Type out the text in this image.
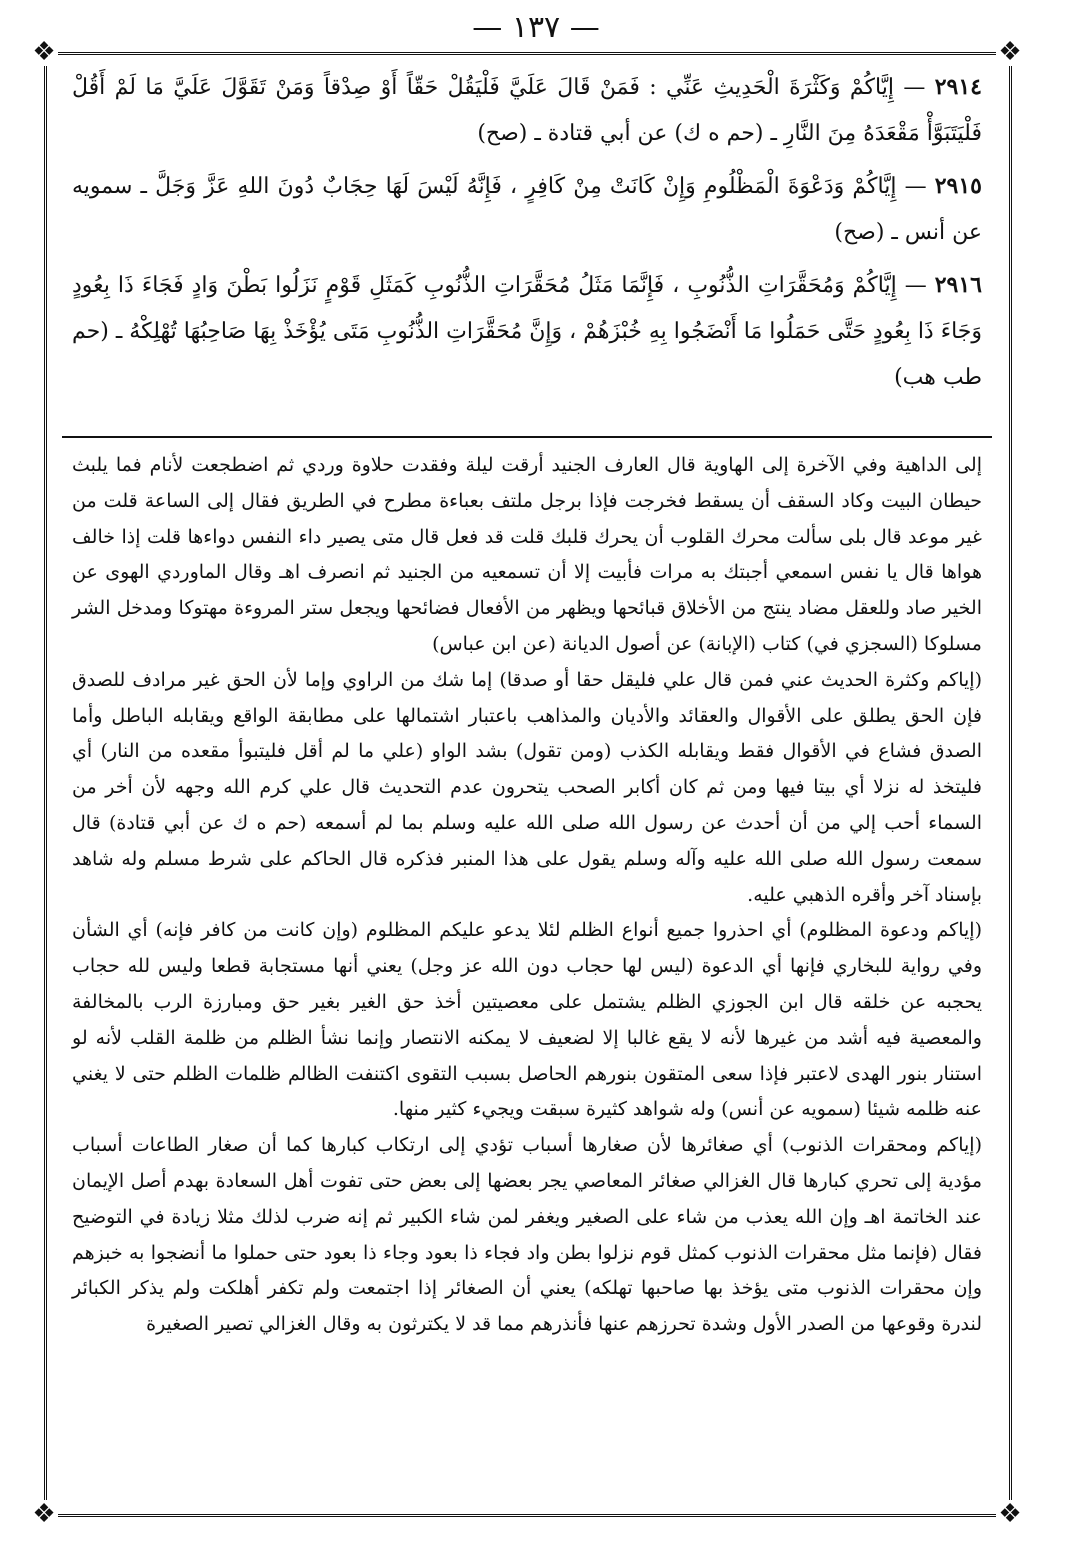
— ١٣٧ —
❖	❖
❖	❖

٢٩١٤ — إِيَّاكُمْ وَكَثْرَةَ الْحَدِيثِ عَنِّي : فَمَنْ قَالَ عَلَيَّ فَلْيَقُلْ حَقّاً أَوْ صِدْقاً وَمَنْ تَقَوَّلَ عَلَيَّ مَا لَمْ أَقُلْ فَلْيَتَبَوَّأْ مَقْعَدَهُ مِنَ النَّارِ ـ (حم ه ك) عن أبي قتادة ـ (صح)

٢٩١٥ — إِيَّاكُمْ وَدَعْوَةَ الْمَظْلُومِ وَإِنْ كَانَتْ مِنْ كَافِرٍ ، فَإِنَّهُ لَيْسَ لَهَا حِجَابٌ دُونَ اللهِ عَزَّ وَجَلَّ ـ سمويه عن أنس ـ (صح)

٢٩١٦ — إِيَّاكُمْ وَمُحَقَّرَاتِ الذُّنُوبِ ، فَإِنَّمَا مَثَلُ مُحَقَّرَاتِ الذُّنُوبِ كَمَثَلِ قَوْمٍ نَزَلُوا بَطْنَ وَادٍ فَجَاءَ ذَا بِعُودٍ وَجَاءَ ذَا بِعُودٍ حَتَّى حَمَلُوا مَا أَنْضَجُوا بِهِ خُبْزَهُمْ ، وَإِنَّ مُحَقَّرَاتِ الذُّنُوبِ مَتَى يُؤْخَذْ بِهَا صَاحِبُهَا تُهْلِكْهُ ـ (حم طب هب)

إلى الداهية وفي الآخرة إلى الهاوية قال العارف الجنيد أرقت ليلة وفقدت حلاوة وردي ثم اضطجعت لأنام فما يلبث حيطان البيت وكاد السقف أن يسقط فخرجت فإذا برجل ملتف بعباءة مطرح في الطريق فقال إلى الساعة قلت من غير موعد قال بلى سألت محرك القلوب أن يحرك قلبك قلت قد فعل قال متى يصير داء النفس دواءها قلت إذا خالف هواها قال يا نفس اسمعي أجبتك به مرات فأبيت إلا أن تسمعيه من الجنيد ثم انصرف اهـ وقال الماوردي الهوى عن الخير صاد وللعقل مضاد ينتج من الأخلاق قبائحها ويظهر من الأفعال فضائحها ويجعل ستر المروءة مهتوكا ومدخل الشر مسلوكا (السجزي في) كتاب (الإبانة) عن أصول الديانة (عن ابن عباس)

(إياكم وكثرة الحديث عني فمن قال علي فليقل حقا أو صدقا) إما شك من الراوي وإما لأن الحق غير مرادف للصدق فإن الحق يطلق على الأقوال والعقائد والأديان والمذاهب باعتبار اشتمالها على مطابقة الواقع ويقابله الباطل وأما الصدق فشاع في الأقوال فقط ويقابله الكذب (ومن تقول) بشد الواو (علي ما لم أقل فليتبوأ مقعده من النار) أي فليتخذ له نزلا أي بيتا فيها ومن ثم كان أكابر الصحب يتحرون عدم التحديث قال علي كرم الله وجهه لأن أخر من السماء أحب إلي من أن أحدث عن رسول الله صلى الله عليه وسلم بما لم أسمعه (حم ه ك عن أبي قتادة) قال سمعت رسول الله صلى الله عليه وآله وسلم يقول على هذا المنبر فذكره قال الحاكم على شرط مسلم وله شاهد بإسناد آخر وأقره الذهبي عليه.

(إياكم ودعوة المظلوم) أي احذروا جميع أنواع الظلم لئلا يدعو عليكم المظلوم (وإن كانت من كافر فإنه) أي الشأن وفي رواية للبخاري فإنها أي الدعوة (ليس لها حجاب دون الله عز وجل) يعني أنها مستجابة قطعا وليس لله حجاب يحجبه عن خلقه قال ابن الجوزي الظلم يشتمل على معصيتين أخذ حق الغير بغير حق ومبارزة الرب بالمخالفة والمعصية فيه أشد من غيرها لأنه لا يقع غالبا إلا لضعيف لا يمكنه الانتصار وإنما نشأ الظلم من ظلمة القلب لأنه لو استنار بنور الهدى لاعتبر فإذا سعى المتقون بنورهم الحاصل بسبب التقوى اكتنفت الظالم ظلمات الظلم حتى لا يغني عنه ظلمه شيئا (سمويه عن أنس) وله شواهد كثيرة سبقت ويجيء كثير منها.

(إياكم ومحقرات الذنوب) أي صغائرها لأن صغارها أسباب تؤدي إلى ارتكاب كبارها كما أن صغار الطاعات أسباب مؤدية إلى تحري كبارها قال الغزالي صغائر المعاصي يجر بعضها إلى بعض حتى تفوت أهل السعادة بهدم أصل الإيمان عند الخاتمة اهـ وإن الله يعذب من شاء على الصغير ويغفر لمن شاء الكبير ثم إنه ضرب لذلك مثلا زيادة في التوضيح فقال (فإنما مثل محقرات الذنوب كمثل قوم نزلوا بطن واد فجاء ذا بعود وجاء ذا بعود حتى حملوا ما أنضجوا به خبزهم وإن محقرات الذنوب متى يؤخذ بها صاحبها تهلكه) يعني أن الصغائر إذا اجتمعت ولم تكفر أهلكت ولم يذكر الكبائر لندرة وقوعها من الصدر الأول وشدة تحرزهم عنها فأنذرهم مما قد لا يكترثون به وقال الغزالي تصير الصغيرة
